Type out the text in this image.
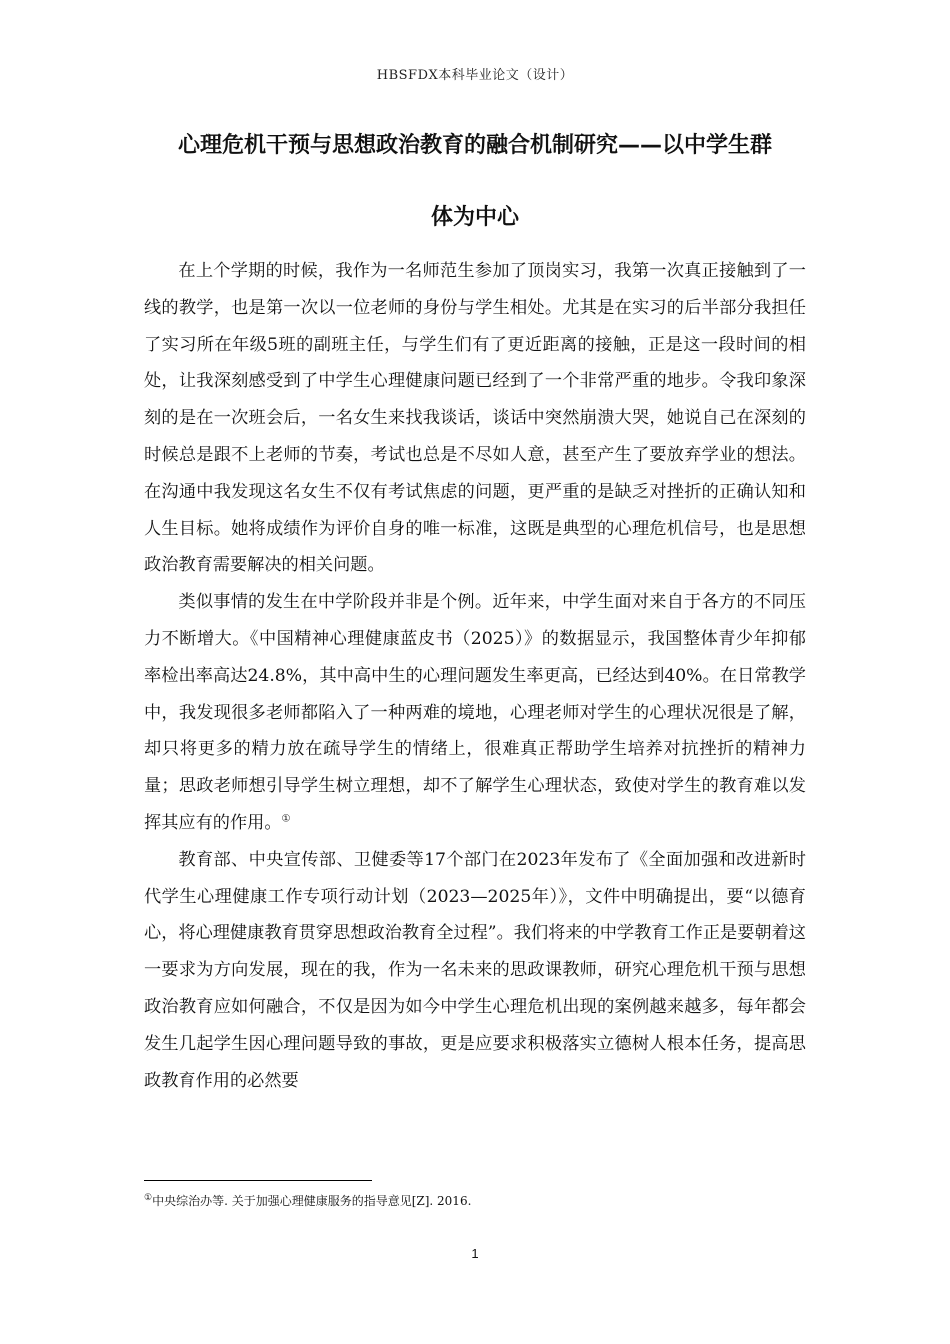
HBSFDX本科毕业论文（设计）
心理危机干预与思想政治教育的融合机制研究——以中学生群
体为中心

在上个学期的时候，我作为一名师范生参加了顶岗实习，我第一次真正接触到了一线的教学，也是第一次以一位老师的身份与学生相处。尤其是在实习的后半部分我担任了实习所在年级5班的副班主任，与学生们有了更近距离的接触，正是这一段时间的相处，让我深刻感受到了中学生心理健康问题已经到了一个非常严重的地步。令我印象深刻的是在一次班会后，一名女生来找我谈话，谈话中突然崩溃大哭，她说自己在深刻的时候总是跟不上老师的节奏，考试也总是不尽如人意，甚至产生了要放弃学业的想法。在沟通中我发现这名女生不仅有考试焦虑的问题，更严重的是缺乏对挫折的正确认知和人生目标。她将成绩作为评价自身的唯一标准，这既是典型的心理危机信号，也是思想政治教育需要解决的相关问题。

类似事情的发生在中学阶段并非是个例。近年来，中学生面对来自于各方的不同压力不断增大。《中国精神心理健康蓝皮书（2025）》的数据显示，我国整体青少年抑郁率检出率高达24.8%，其中高中生的心理问题发生率更高，已经达到40%。在日常教学中，我发现很多老师都陷入了一种两难的境地，心理老师对学生的心理状况很是了解，却只将更多的精力放在疏导学生的情绪上，很难真正帮助学生培养对抗挫折的精神力量；思政老师想引导学生树立理想，却不了解学生心理状态，致使对学生的教育难以发挥其应有的作用。①

教育部、中央宣传部、卫健委等17个部门在2023年发布了《全面加强和改进新时代学生心理健康工作专项行动计划（2023—2025年）》，文件中明确提出，要“以德育心，将心理健康教育贯穿思想政治教育全过程”。我们将来的中学教育工作正是要朝着这一要求为方向发展，现在的我，作为一名未来的思政课教师，研究心理危机干预与思想政治教育应如何融合，不仅是因为如今中学生心理危机出现的案例越来越多，每年都会发生几起学生因心理问题导致的事故，更是应要求积极落实立德树人根本任务，提高思政教育作用的必然要

①中央综治办等. 关于加强心理健康服务的指导意见[Z]. 2016.
1
